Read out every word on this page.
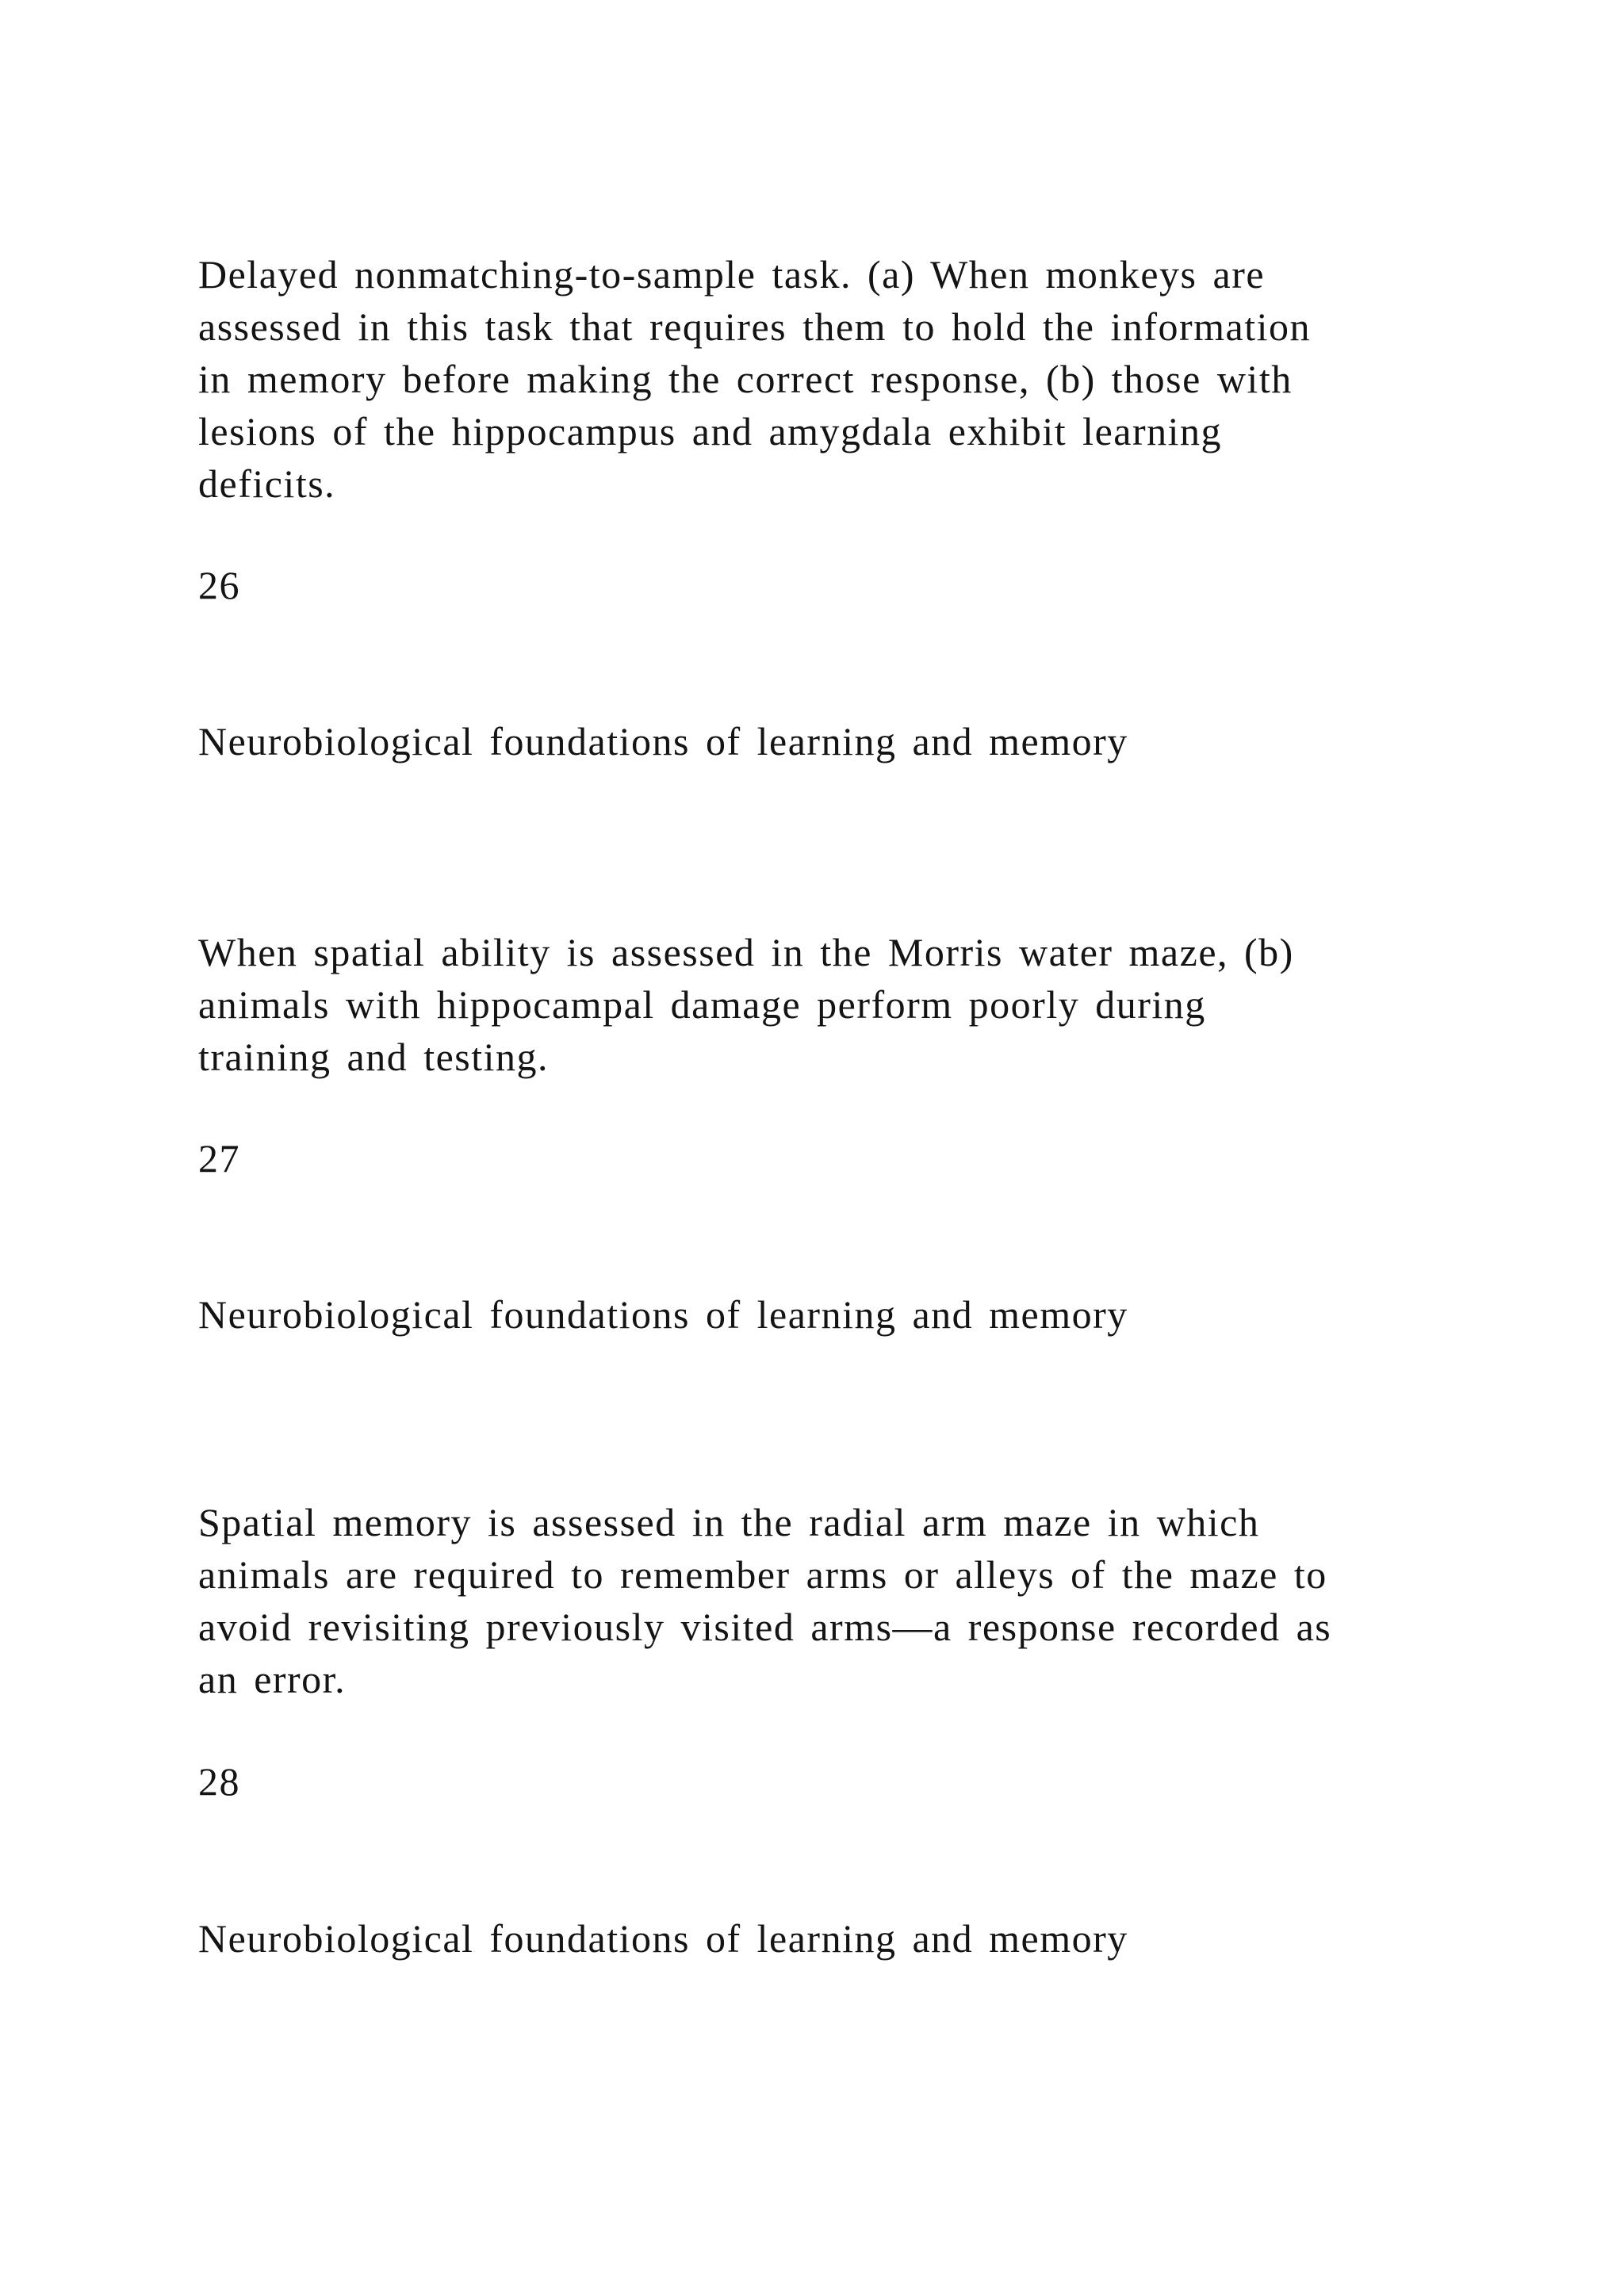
Delayed nonmatching-to-sample task. (a) When monkeys are

assessed in this task that requires them to hold the information

in memory before making the correct response, (b) those with

lesions of the hippocampus and amygdala exhibit learning

deficits.

26

Neurobiological foundations of learning and memory

When spatial ability is assessed in the Morris water maze, (b)

animals with hippocampal damage perform poorly during

training and testing.

27

Neurobiological foundations of learning and memory

Spatial memory is assessed in the radial arm maze in which

animals are required to remember arms or alleys of the maze to

avoid revisiting previously visited arms—a response recorded as

an error.

28

Neurobiological foundations of learning and memory
